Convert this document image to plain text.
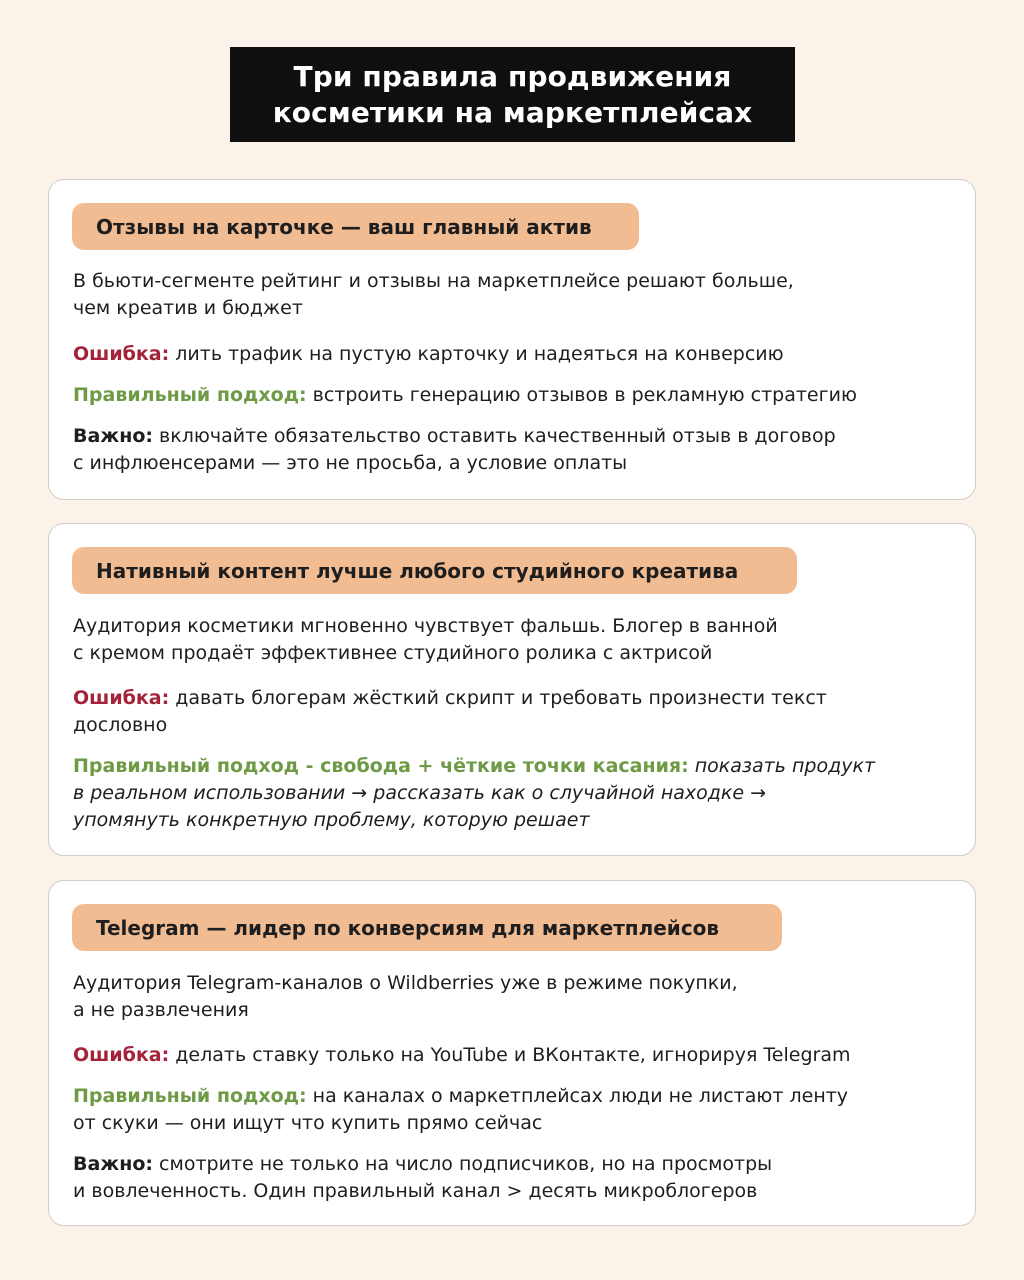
Три правила продвижения
косметики на маркетплейсах
Отзывы на карточке — ваш главный актив
В бьюти-сегменте рейтинг и отзывы на маркетплейсе решают больше,
чем креатив и бюджет
Ошибка: лить трафик на пустую карточку и надеяться на конверсию
Правильный подход: встроить генерацию отзывов в рекламную стратегию
Важно: включайте обязательство оставить качественный отзыв в договор
с инфлюенсерами — это не просьба, а условие оплаты
Нативный контент лучше любого студийного креатива
Аудитория косметики мгновенно чувствует фальшь. Блогер в ванной
с кремом продаёт эффективнее студийного ролика с актрисой
Ошибка: давать блогерам жёсткий скрипт и требовать произнести текст
дословно
Правильный подход - свобода + чёткие точки касания: показать продукт
в реальном использовании → рассказать как о случайной находке →
упомянуть конкретную проблему, которую решает
Telegram — лидер по конверсиям для маркетплейсов
Аудитория Telegram-каналов о Wildberries уже в режиме покупки,
а не развлечения
Ошибка: делать ставку только на YouTube и ВКонтакте, игнорируя Telegram
Правильный подход: на каналах о маркетплейсах люди не листают ленту
от скуки — они ищут что купить прямо сейчас
Важно: смотрите не только на число подписчиков, но на просмотры
и вовлеченность. Один правильный канал > десять микроблогеров
